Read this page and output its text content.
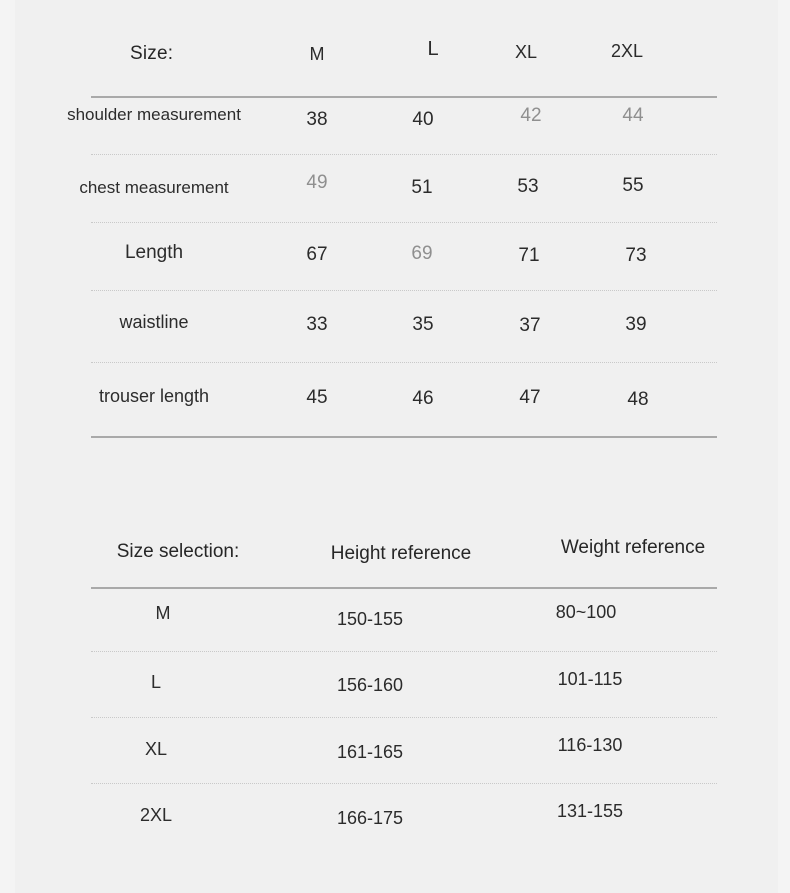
Size:	M	L	XL	2XL
shoulder measurement	38	40	42	44
chest measurement	49	51	53	55
Length	67	69	71	73
waistline	33	35	37	39
trouser length	45	46	47	48
Size selection:	Height reference	Weight reference
M	150-155	80~100
L	156-160	101-115
XL	161-165	116-130
2XL	166-175	131-155
